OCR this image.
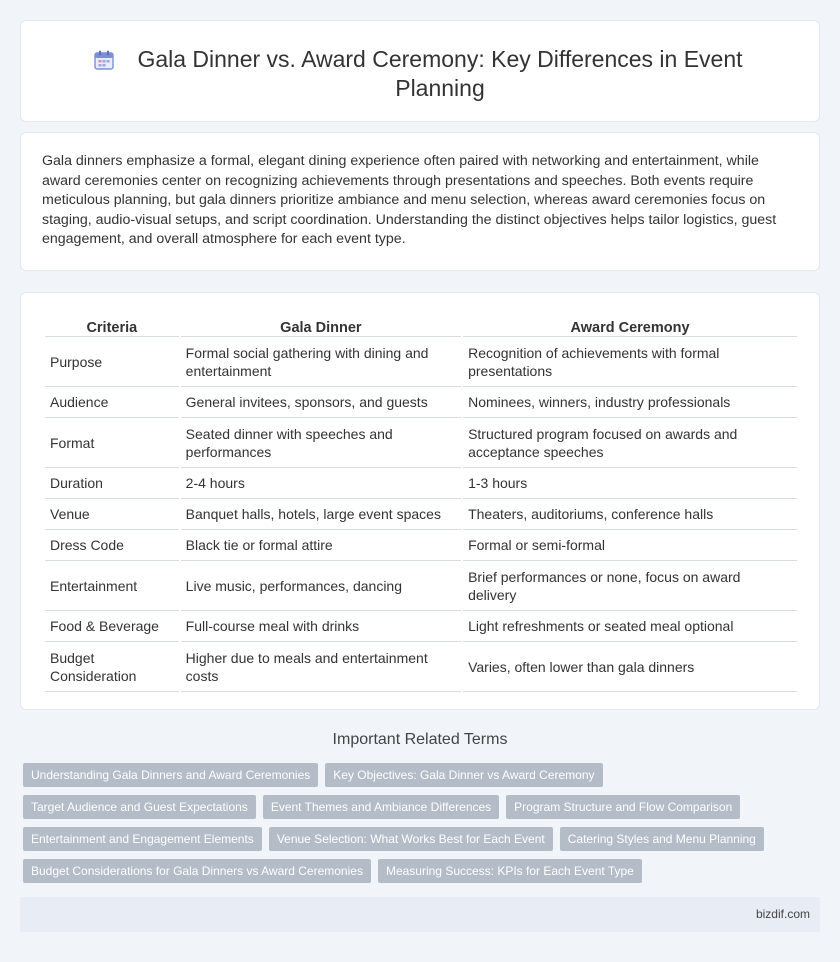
Gala Dinner vs. Award Ceremony: Key Differences in Event Planning

Gala dinners emphasize a formal, elegant dining experience often paired with networking and entertainment, while award ceremonies center on recognizing achievements through presentations and speeches. Both events require meticulous planning, but gala dinners prioritize ambiance and menu selection, whereas award ceremonies focus on staging, audio-visual setups, and script coordination. Understanding the distinct objectives helps tailor logistics, guest engagement, and overall atmosphere for each event type.

Criteria	Gala Dinner	Award Ceremony
Purpose	Formal social gathering with dining and entertainment	Recognition of achievements with formal presentations
Audience	General invitees, sponsors, and guests	Nominees, winners, industry professionals
Format	Seated dinner with speeches and performances	Structured program focused on awards and acceptance speeches
Duration	2-4 hours	1-3 hours
Venue	Banquet halls, hotels, large event spaces	Theaters, auditoriums, conference halls
Dress Code	Black tie or formal attire	Formal or semi-formal
Entertainment	Live music, performances, dancing	Brief performances or none, focus on award delivery
Food & Beverage	Full-course meal with drinks	Light refreshments or seated meal optional
Budget Consideration	Higher due to meals and entertainment costs	Varies, often lower than gala dinners
Important Related Terms
Understanding Gala Dinners and Award Ceremonies	Key Objectives: Gala Dinner vs Award Ceremony
Target Audience and Guest Expectations	Event Themes and Ambiance Differences	Program Structure and Flow Comparison
Entertainment and Engagement Elements	Venue Selection: What Works Best for Each Event	Catering Styles and Menu Planning
Budget Considerations for Gala Dinners vs Award Ceremonies	Measuring Success: KPIs for Each Event Type
bizdif.com
